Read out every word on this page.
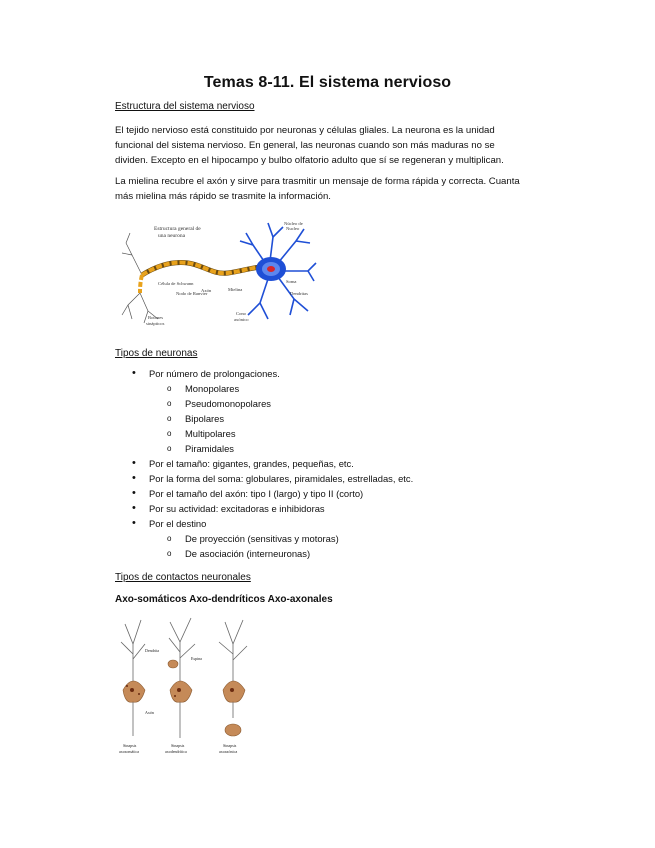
Temas 8-11. El sistema nervioso
Estructura del sistema nervioso
El tejido nervioso está constituido por neuronas y células gliales. La neurona es la unidad
funcional del sistema nervioso. En general, las neuronas cuando son más maduras no se
dividen. Excepto en el hipocampo y bulbo olfatorio adulto que sí se regeneran y multiplican.
La mielina recubre el axón y sirve para trasmitir un mensaje de forma rápida y correcta. Cuanta
más mielina más rápido se trasmite la información.
Estructura general de
una neurona
Núcleo de
Nucleo
Soma
Dendritas
Axón	Mielina
Célula de Schwann
Nodo de Ranvier
Botones
sinápticos
Cono
axónico
Tipos de neuronas
• Por número de prolongaciones.
o Monopolares
o Pseudomonopolares
o Bipolares
o Multipolares
o Piramidales
• Por el tamaño: gigantes, grandes, pequeñas, etc.
• Por la forma del soma: globulares, piramidales, estrelladas, etc.
• Por el tamaño del axón: tipo I (largo) y tipo II (corto)
• Por su actividad: excitadoras e inhibidoras
• Por el destino
o De proyección (sensitivas y motoras)
o De asociación (interneuronas)
Tipos de contactos neuronales
Axo-somáticos Axo-dendríticos Axo-axonales
Dendrita
Espina
Axón
Sinapsis
axosomática
Sinapsis
axodendrítica
Sinapsis
axoaxónica
